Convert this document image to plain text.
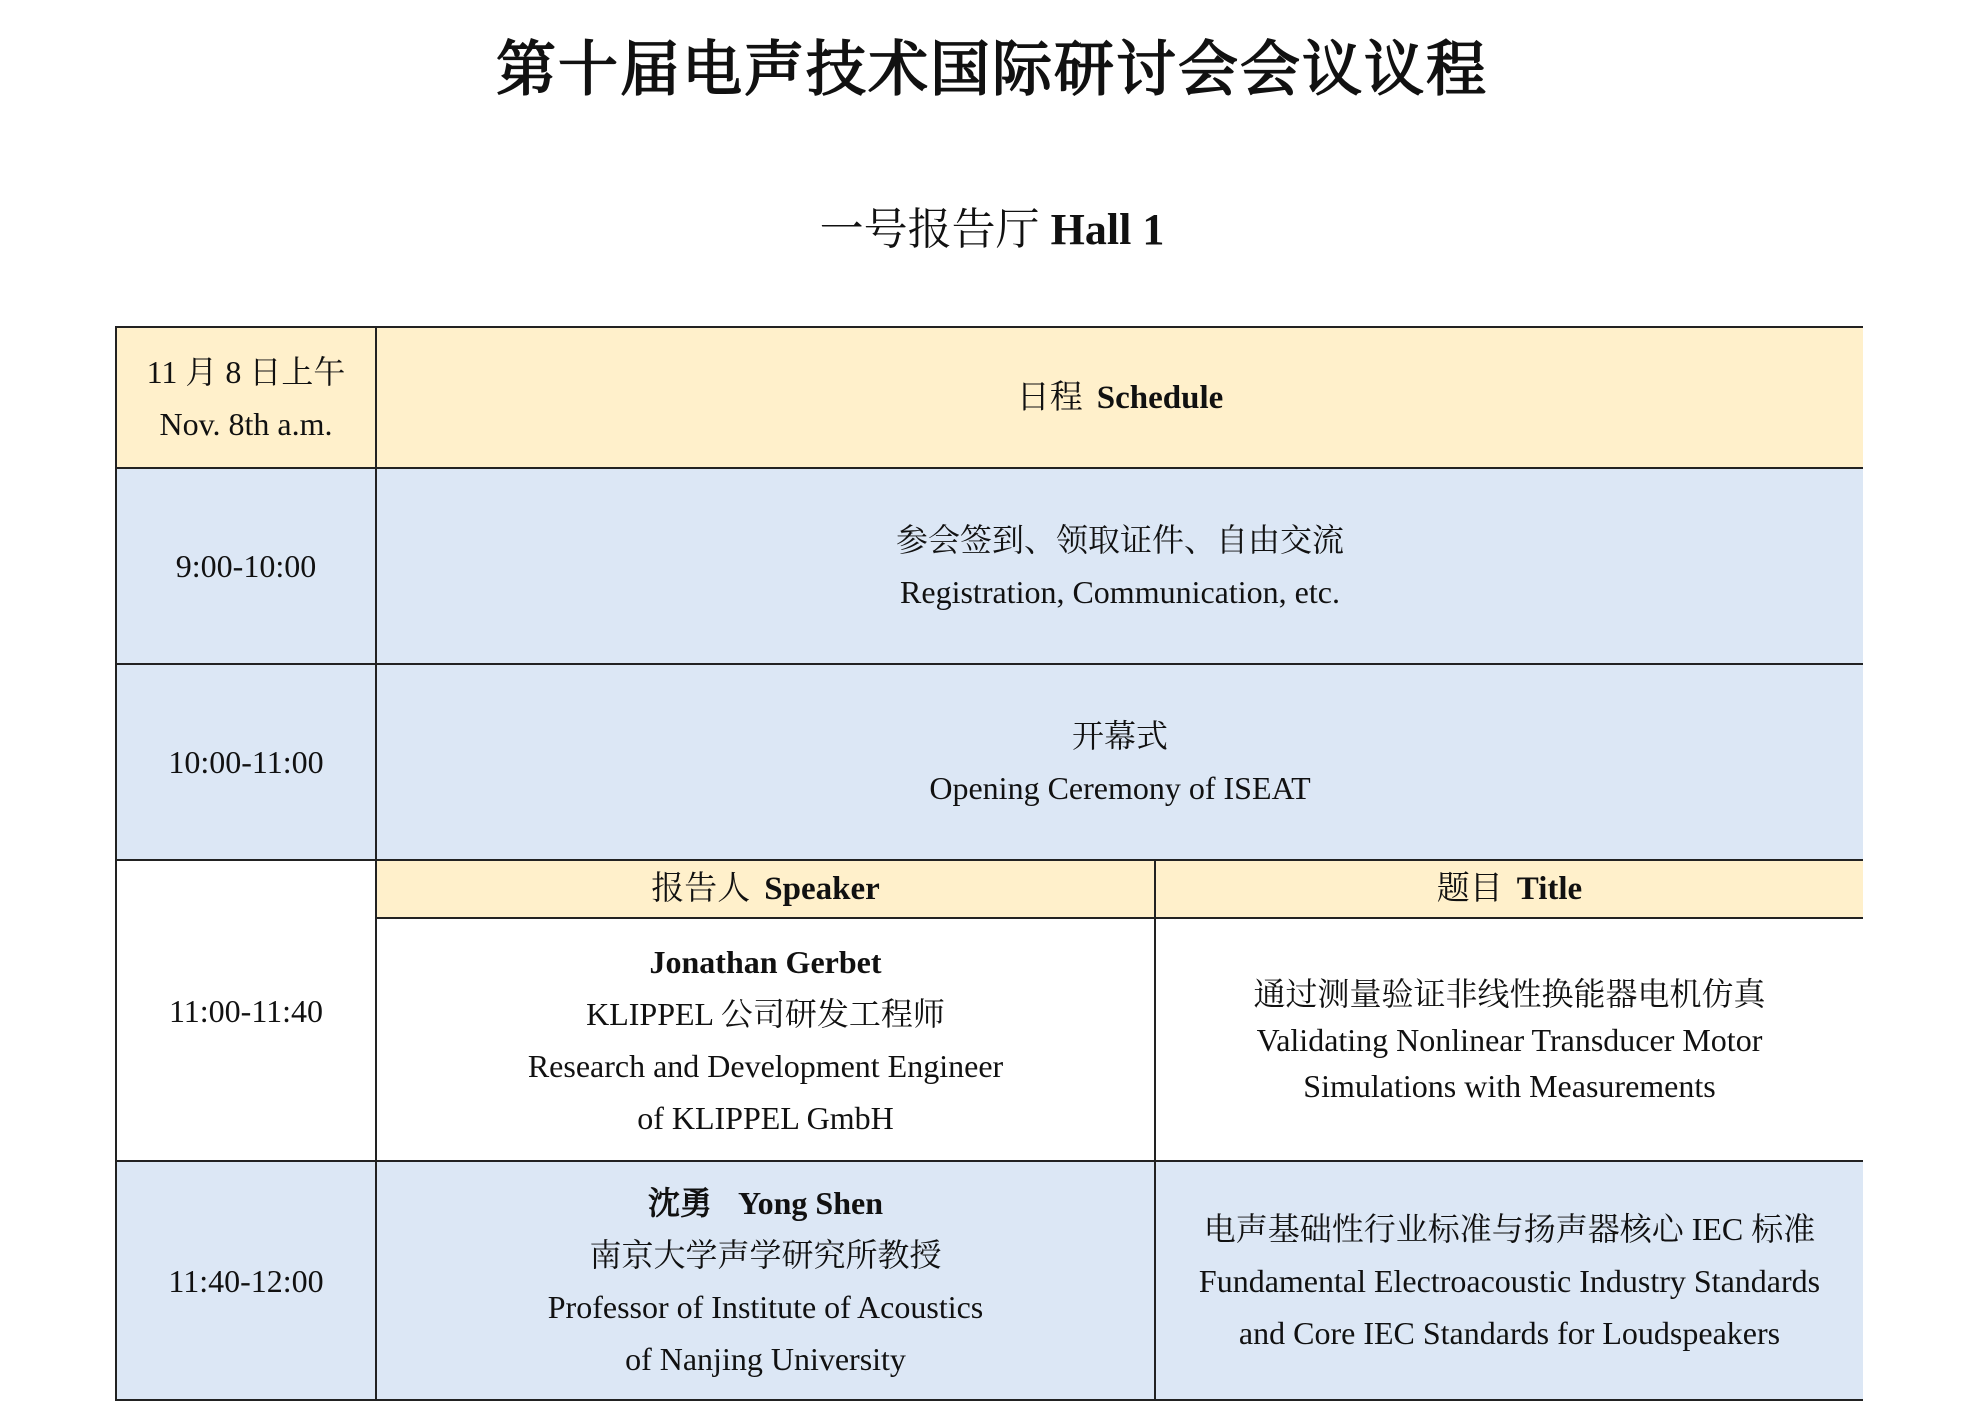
第十届电声技术国际研讨会会议议程
一号报告厅 Hall 1
11 月 8 日上午
Nov. 8th a.m.
日程 Schedule
9:00-10:00
参会签到、领取证件、自由交流
Registration, Communication, etc.
10:00-11:00
开幕式
Opening Ceremony of ISEAT
11:00-11:40
报告人 Speaker	题目 Title
Jonathan Gerbet
KLIPPEL 公司研发工程师
Research and Development Engineer
of KLIPPEL GmbH
通过测量验证非线性换能器电机仿真
Validating Nonlinear Transducer Motor
Simulations with Measurements
11:40-12:00
沈勇 Yong Shen
南京大学声学研究所教授
Professor of Institute of Acoustics
of Nanjing University
电声基础性行业标准与扬声器核心 IEC 标准
Fundamental Electroacoustic Industry Standards
and Core IEC Standards for Loudspeakers
